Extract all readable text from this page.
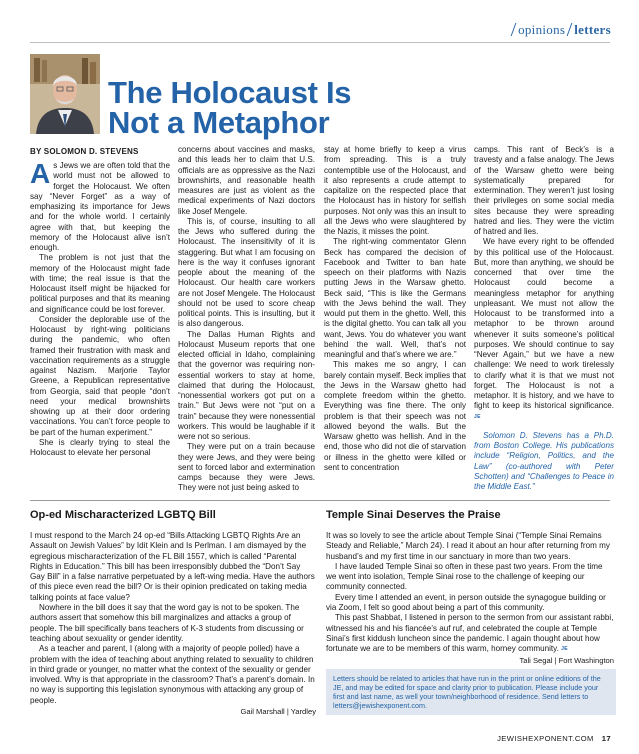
opinions letters
The Holocaust Is
Not a Metaphor
BY SOLOMON D. STEVENS

As Jews we are often told that the world must not be allowed to forget the Holocaust. We often say “Never Forget” as a way of emphasizing its importance for Jews and for the whole world. I certainly agree with that, but keeping the memory of the Holocaust alive isn’t enough.

The problem is not just that the memory of the Holocaust might fade with time; the real issue is that the Holocaust itself might be hijacked for political purposes and that its meaning and significance could be lost forever.

Consider the deplorable use of the Holocaust by right-wing politicians during the pandemic, who often framed their frustration with mask and vaccination requirements as a struggle against Nazism. Marjorie Taylor Greene, a Republican representative from Georgia, said that people “don’t need your medical brownshirts showing up at their door ordering vaccinations. You can’t force people to be part of the human experiment.”

She is clearly trying to steal the Holocaust to elevate her personal

concerns about vaccines and masks, and this leads her to claim that U.S. officials are as oppressive as the Nazi brownshirts, and reasonable health measures are just as violent as the medical experiments of Nazi doctors like Josef Mengele.

This is, of course, insulting to all the Jews who suffered during the Holocaust. The insensitivity of it is staggering. But what I am focusing on here is the way it confuses ignorant people about the meaning of the Holocaust. Our health care workers are not Josef Mengele. The Holocaust should not be used to score cheap political points. This is insulting, but it is also dangerous.

The Dallas Human Rights and Holocaust Museum reports that one elected official in Idaho, complaining that the governor was requiring non-essential workers to stay at home, claimed that during the Holocaust, “nonessential workers got put on a train.” But Jews were not “put on a train” because they were nonessential workers. This would be laughable if it were not so serious.

They were put on a train because they were Jews, and they were being sent to forced labor and extermination camps because they were Jews. They were not just being asked to

stay at home briefly to keep a virus from spreading. This is a truly contemptible use of the Holocaust, and it also represents a crude attempt to capitalize on the respected place that the Holocaust has in history for selfish purposes. Not only was this an insult to all the Jews who were slaughtered by the Nazis, it misses the point.

The right-wing commentator Glenn Beck has compared the decision of Facebook and Twitter to ban hate speech on their platforms with Nazis putting Jews in the Warsaw ghetto. Beck said, “This is like the Germans with the Jews behind the wall. They would put them in the ghetto. Well, this is the digital ghetto. You can talk all you want, Jews. You do whatever you want behind the wall. Well, that’s not meaningful and that’s where we are.”

This makes me so angry, I can barely contain myself. Beck implies that the Jews in the Warsaw ghetto had complete freedom within the ghetto. Everything was fine there. The only problem is that their speech was not allowed beyond the walls. But the Warsaw ghetto was hellish. And in the end, those who did not die of starvation or illness in the ghetto were killed or sent to concentration

camps. This rant of Beck’s is a travesty and a false analogy. The Jews of the Warsaw ghetto were being systematically prepared for extermination. They weren’t just losing their privileges on some social media sites because they were spreading hatred and lies. They were the victim of hatred and lies.

We have every right to be offended by this political use of the Holocaust. But, more than anything, we should be concerned that over time the Holocaust could become a meaningless metaphor for anything unpleasant. We must not allow the Holocaust to be transformed into a metaphor to be thrown around whenever it suits someone’s political purposes. We should continue to say “Never Again,” but we have a new challenge: We need to work tirelessly to clarify what it is that we must not forget. The Holocaust is not a metaphor. It is history, and we have to fight to keep its historical significance. JE

Solomon D. Stevens has a Ph.D. from Boston College. His publications include “Religion, Politics, and the Law” (co-authored with Peter Schotten) and “Challenges to Peace in the Middle East.”

Op-ed Mischaracterized LGBTQ Bill

I must respond to the March 24 op-ed “Bills Attacking LGBTQ Rights Are an Assault on Jewish Values” by Idit Klein and Is Perlman. I am dismayed by the egregious mischaracterization of the FL Bill 1557, which is called “Parental Rights in Education.” This bill has been irresponsibly dubbed the “Don’t Say Gay Bill” in a false narrative perpetuated by a left-wing media. Have the authors of this piece even read the bill? Or is their opinion predicated on taking media talking points at face value?

Nowhere in the bill does it say that the word gay is not to be spoken. The authors assert that somehow this bill marginalizes and attacks a group of people. The bill specifically bans teachers of K-3 students from discussing or teaching about sexuality or gender identity.

As a teacher and parent, I (along with a majority of people polled) have a problem with the idea of teaching about anything related to sexuality to children in third grade or younger, no matter what the context of the sexuality or gender involved. Why is that appropriate in the classroom? That’s a parent’s domain. In no way is supporting this legislation synonymous with attacking any group of people.

Gail Marshall | Yardley
Temple Sinai Deserves the Praise

It was so lovely to see the article about Temple Sinai (“Temple Sinai Remains Steady and Reliable,” March 24). I read it about an hour after returning from my husband’s and my first time in our sanctuary in more than two years.

I have lauded Temple Sinai so often in these past two years. From the time we went into isolation, Temple Sinai rose to the challenge of keeping our community connected.

Every time I attended an event, in person outside the synagogue building or via Zoom, I felt so good about being a part of this community.

This past Shabbat, I listened in person to the sermon from our assistant rabbi, witnessed his and his fiancée’s auf ruf, and celebrated the couple at Temple Sinai’s first kiddush luncheon since the pandemic. I again thought about how fortunate we are to be members of this warm, horney community. JE

Tali Segal | Fort Washington
Letters should be related to articles that have run in the print or online editions of the JE, and may be edited for space and clarity prior to publication. Please include your first and last name, as well your town/neighborhood of residence. Send letters to letters@jewishexponent.com.
JEWISHEXPONENT.COM 17
